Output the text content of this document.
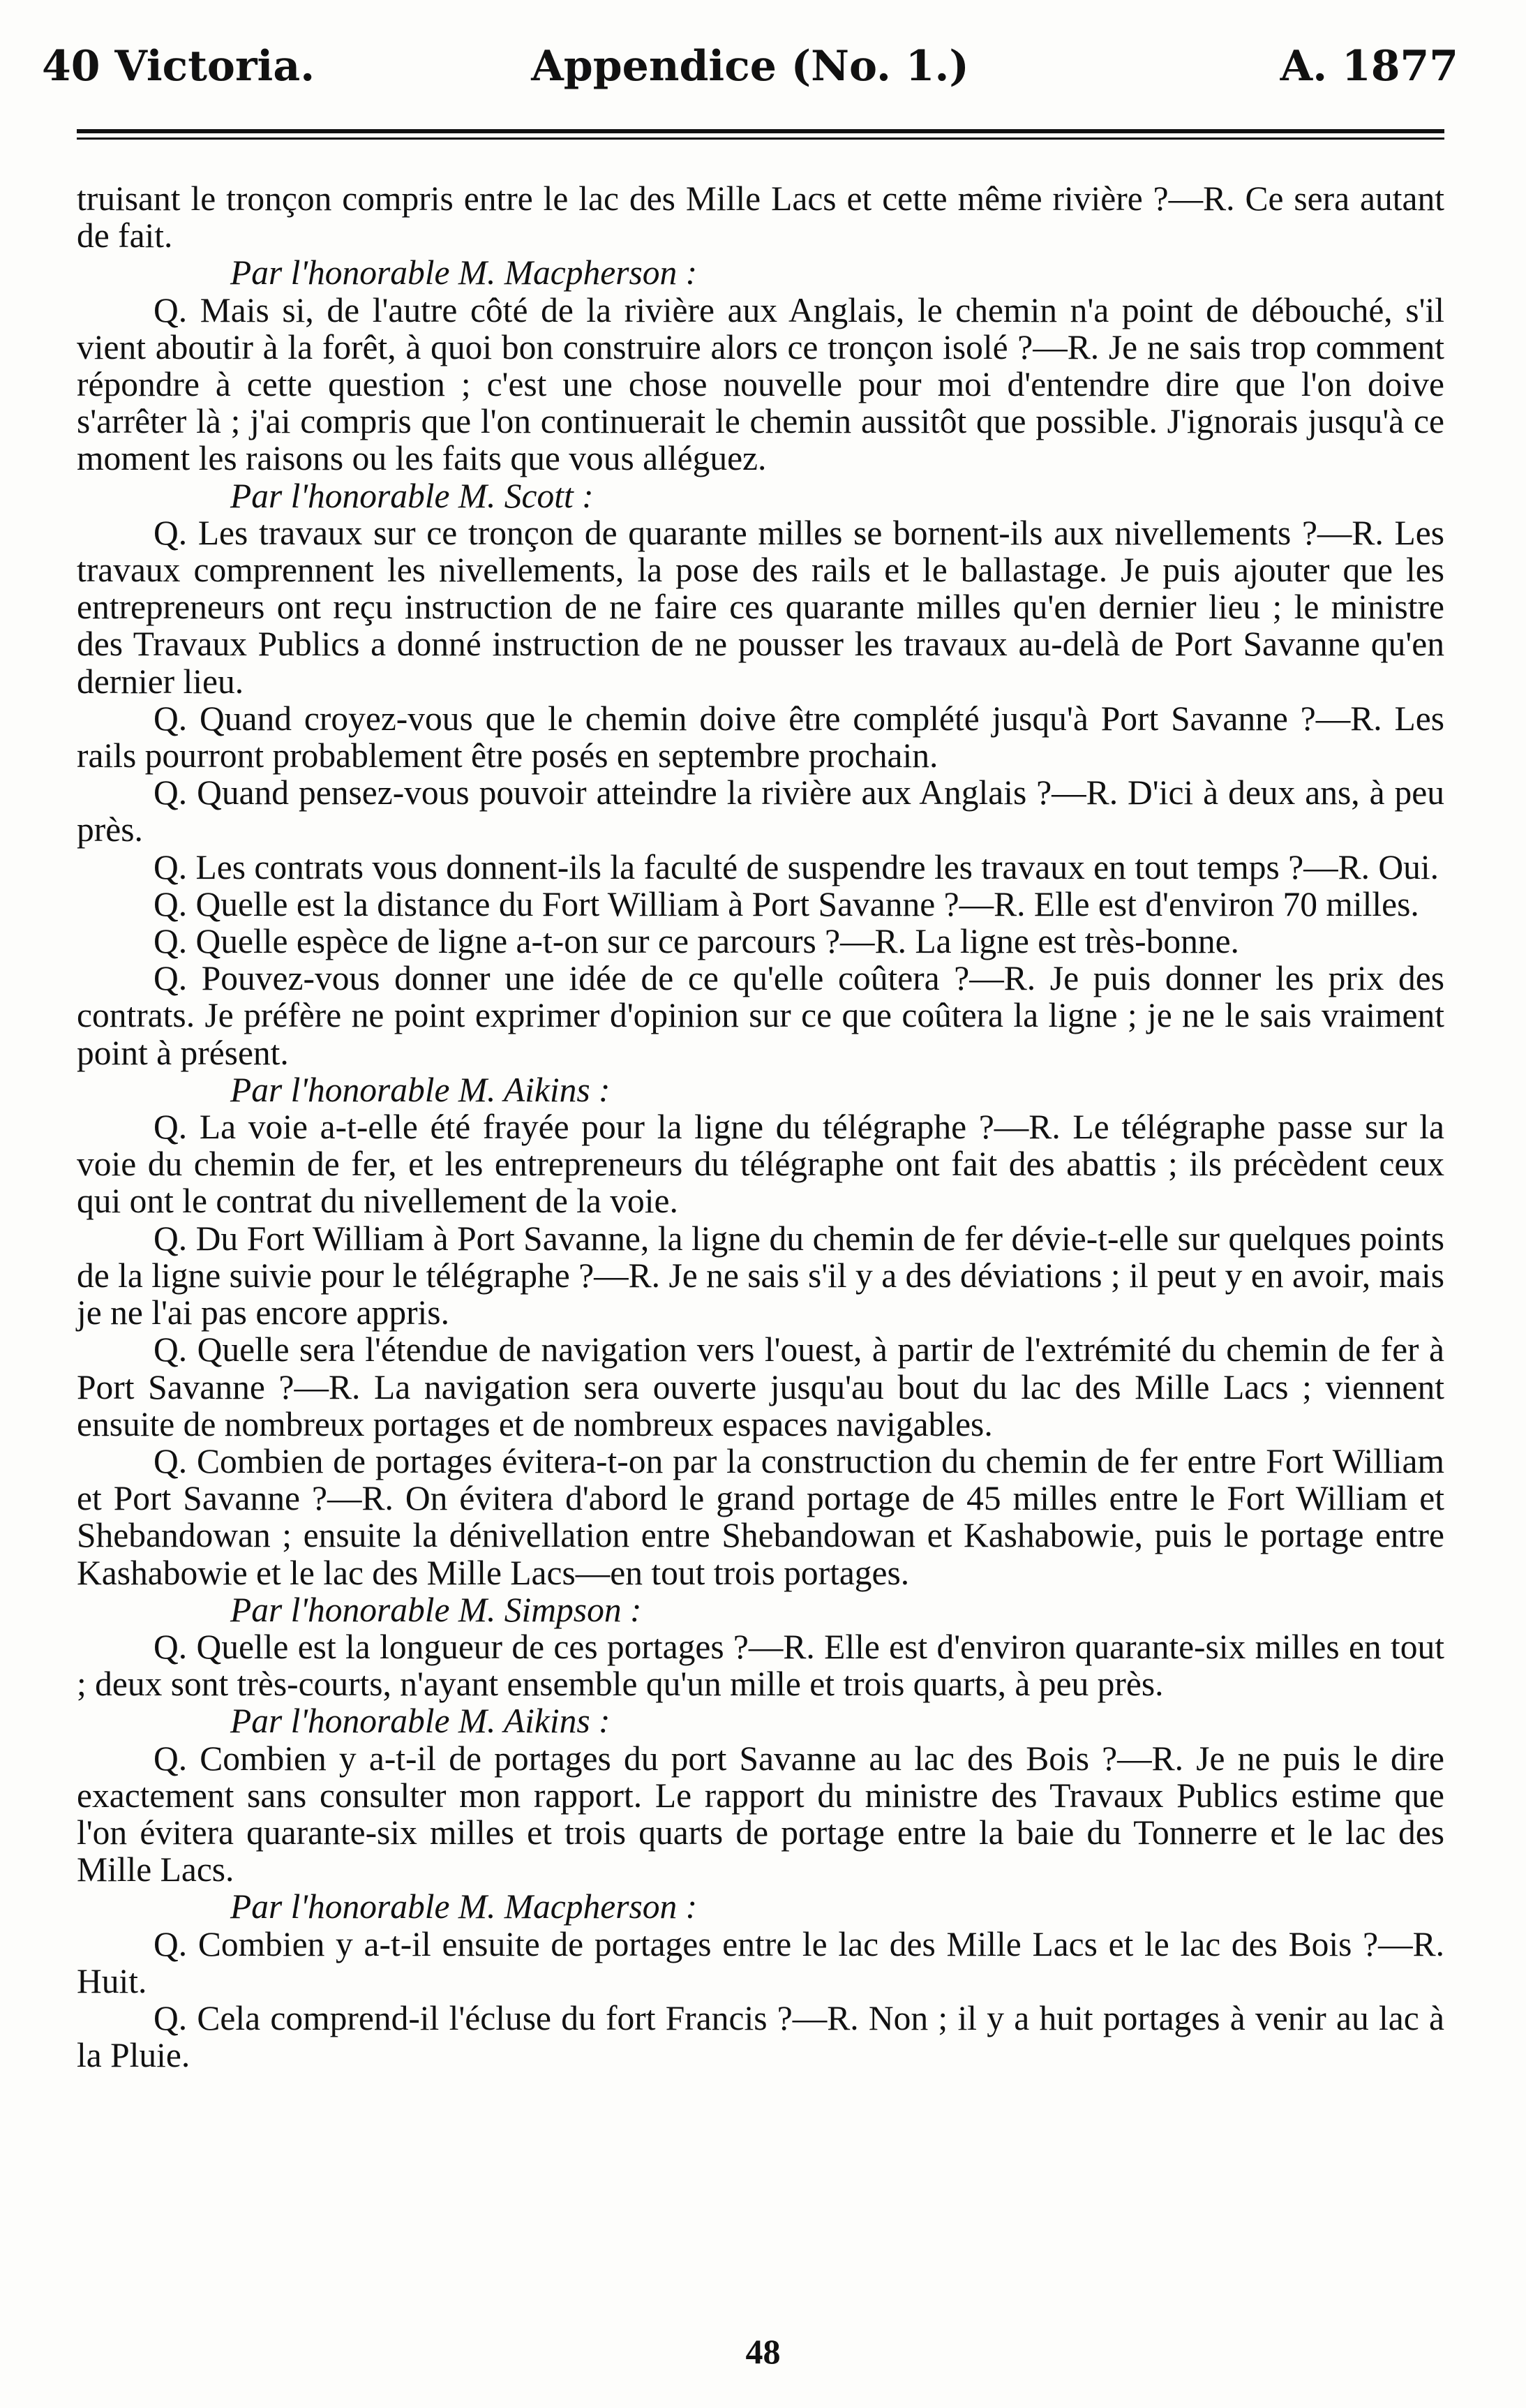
40 Victoria.	Appendice (No. 1.)	A. 1877

truisant le tronçon compris entre le lac des Mille Lacs et cette même rivière ?—R. Ce sera autant de fait.

Par l'honorable M. Macpherson :

Q. Mais si, de l'autre côté de la rivière aux Anglais, le chemin n'a point de débouché, s'il vient aboutir à la forêt, à quoi bon construire alors ce tronçon isolé ?—R. Je ne sais trop comment répondre à cette question ; c'est une chose nouvelle pour moi d'entendre dire que l'on doive s'arrêter là ; j'ai compris que l'on continuerait le chemin aussitôt que possible. J'ignorais jusqu'à ce moment les raisons ou les faits que vous alléguez.

Par l'honorable M. Scott :

Q. Les travaux sur ce tronçon de quarante milles se bornent-ils aux nivellements ?—R. Les travaux comprennent les nivellements, la pose des rails et le ballastage. Je puis ajouter que les entrepreneurs ont reçu instruction de ne faire ces quarante milles qu'en dernier lieu ; le ministre des Travaux Publics a donné instruction de ne pousser les travaux au-delà de Port Savanne qu'en dernier lieu.

Q. Quand croyez-vous que le chemin doive être complété jusqu'à Port Savanne ?—R. Les rails pourront probablement être posés en septembre prochain.

Q. Quand pensez-vous pouvoir atteindre la rivière aux Anglais ?—R. D'ici à deux ans, à peu près.

Q. Les contrats vous donnent-ils la faculté de suspendre les travaux en tout temps ?—R. Oui.

Q. Quelle est la distance du Fort William à Port Savanne ?—R. Elle est d'environ 70 milles.

Q. Quelle espèce de ligne a-t-on sur ce parcours ?—R. La ligne est très-bonne.

Q. Pouvez-vous donner une idée de ce qu'elle coûtera ?—R. Je puis donner les prix des contrats. Je préfère ne point exprimer d'opinion sur ce que coûtera la ligne ; je ne le sais vraiment point à présent.

Par l'honorable M. Aikins :

Q. La voie a-t-elle été frayée pour la ligne du télégraphe ?—R. Le télégraphe passe sur la voie du chemin de fer, et les entrepreneurs du télégraphe ont fait des abattis ; ils précèdent ceux qui ont le contrat du nivellement de la voie.

Q. Du Fort William à Port Savanne, la ligne du chemin de fer dévie-t-elle sur quelques points de la ligne suivie pour le télégraphe ?—R. Je ne sais s'il y a des déviations ; il peut y en avoir, mais je ne l'ai pas encore appris.

Q. Quelle sera l'étendue de navigation vers l'ouest, à partir de l'extrémité du chemin de fer à Port Savanne ?—R. La navigation sera ouverte jusqu'au bout du lac des Mille Lacs ; viennent ensuite de nombreux portages et de nombreux espaces navigables.

Q. Combien de portages évitera-t-on par la construction du chemin de fer entre Fort William et Port Savanne ?—R. On évitera d'abord le grand portage de 45 milles entre le Fort William et Shebandowan ; ensuite la dénivellation entre Shebandowan et Kashabowie, puis le portage entre Kashabowie et le lac des Mille Lacs—en tout trois portages.

Par l'honorable M. Simpson :

Q. Quelle est la longueur de ces portages ?—R. Elle est d'environ quarante-six milles en tout ; deux sont très-courts, n'ayant ensemble qu'un mille et trois quarts, à peu près.

Par l'honorable M. Aikins :

Q. Combien y a-t-il de portages du port Savanne au lac des Bois ?—R. Je ne puis le dire exactement sans consulter mon rapport. Le rapport du ministre des Travaux Publics estime que l'on évitera quarante-six milles et trois quarts de portage entre la baie du Tonnerre et le lac des Mille Lacs.

Par l'honorable M. Macpherson :

Q. Combien y a-t-il ensuite de portages entre le lac des Mille Lacs et le lac des Bois ?—R. Huit.

Q. Cela comprend-il l'écluse du fort Francis ?—R. Non ; il y a huit portages à venir au lac à la Pluie.

48
